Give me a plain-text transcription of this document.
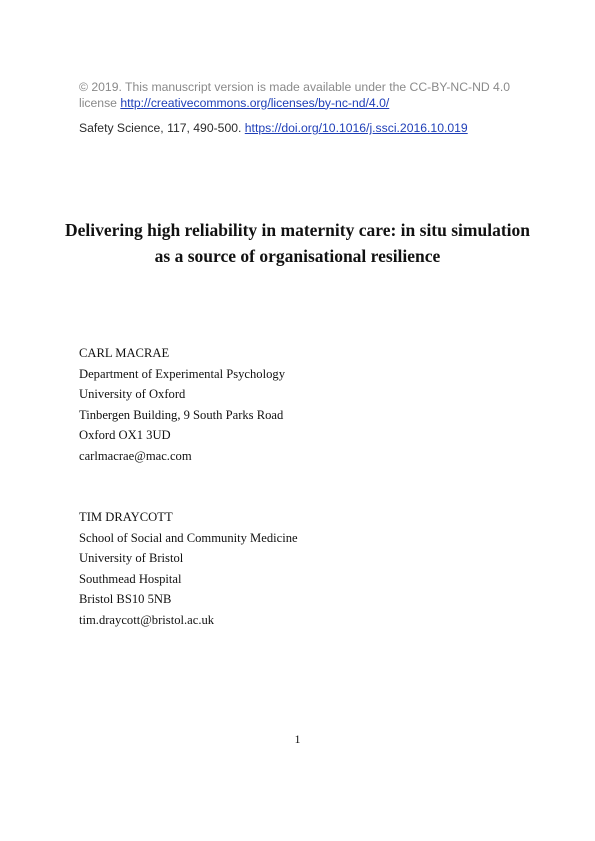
© 2019. This manuscript version is made available under the CC-BY-NC-ND 4.0 license http://creativecommons.org/licenses/by-nc-nd/4.0/
Safety Science, 117, 490-500. https://doi.org/10.1016/j.ssci.2016.10.019
Delivering high reliability in maternity care: in situ simulation as a source of organisational resilience
CARL MACRAE
Department of Experimental Psychology
University of Oxford
Tinbergen Building, 9 South Parks Road
Oxford OX1 3UD
carlmacrae@mac.com
TIM DRAYCOTT
School of Social and Community Medicine
University of Bristol
Southmead Hospital
Bristol BS10 5NB
tim.draycott@bristol.ac.uk
1
